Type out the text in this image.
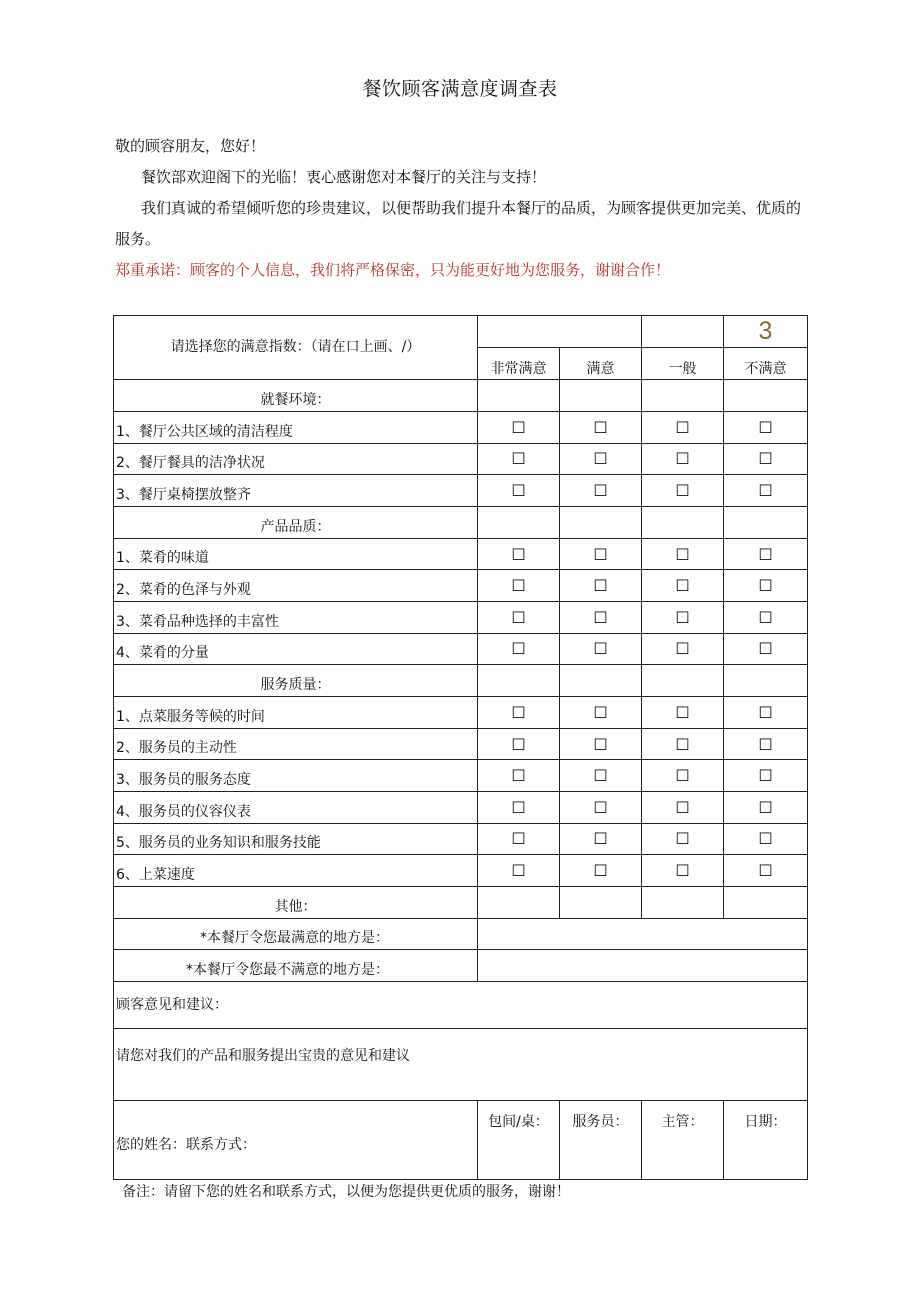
餐饮顾客满意度调查表
敬的顾容朋友，您好！
餐饮部欢迎阁下的光临！衷心感谢您对本餐厅的关注与支持！
我们真诚的希望倾听您的珍贵建议，以便帮助我们提升本餐厅的品质，为顾客提供更加完美、优质的服务。
郑重承诺：顾客的个人信息，我们将严格保密，只为能更好地为您服务，谢谢合作！
请选择您的满意指数：（请在口上画、/）				3
	非常满意	满意	一般	不满意
就餐环境：				
1、餐厅公共区域的清洁程度	☐	☐	☐	☐
2、餐厅餐具的洁净状况	☐	☐	☐	☐
3、餐厅桌椅摆放整齐	☐	☐	☐	☐
产品品质：				
1、菜肴的味道	☐	☐	☐	☐
2、菜肴的色泽与外观	☐	☐	☐	☐
3、菜肴品种选择的丰富性	☐	☐	☐	☐
4、菜肴的分量	☐	☐	☐	☐
服务质量：				
1、点菜服务等候的时间	☐	☐	☐	☐
2、服务员的主动性	☐	☐	☐	☐
3、服务员的服务态度	☐	☐	☐	☐
4、服务员的仪容仪表	☐	☐	☐	☐
5、服务员的业务知识和服务技能	☐	☐	☐	☐
6、上菜速度	☐	☐	☐	☐
其他：				
*本餐厅令您最满意的地方是：				
*本餐厅令您最不满意的地方是：				
顾客意见和建议：				
请您对我们的产品和服务提出宝贵的意见和建议				
您的姓名：联系方式：	包间/桌：	服务员：	主管：	日期：
备注：请留下您的姓名和联系方式，以便为您提供更优质的服务，谢谢！
